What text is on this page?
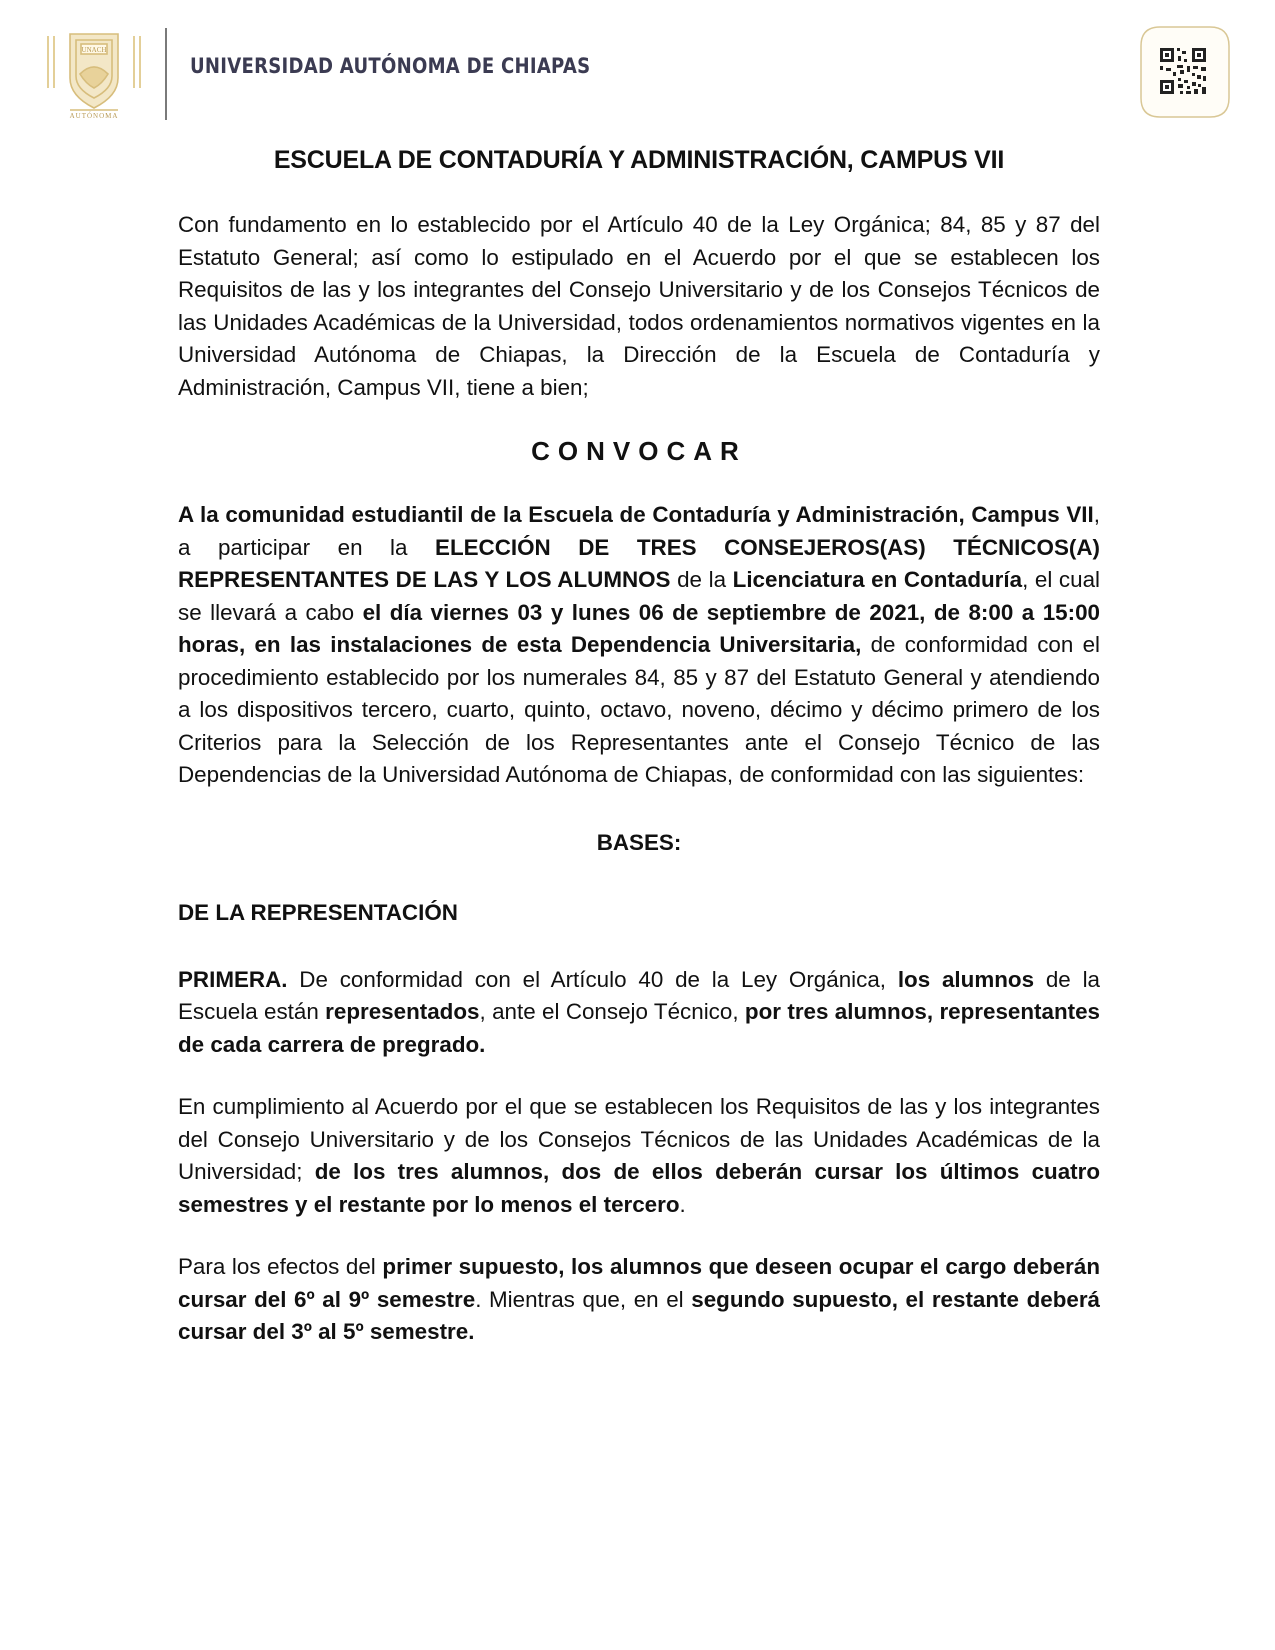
UNACH
AUTÓNOMA
UNIVERSIDAD AUTÓNOMA DE CHIAPAS
ESCUELA DE CONTADURÍA Y ADMINISTRACIÓN, CAMPUS VII

Con fundamento en lo establecido por el Artículo 40 de la Ley Orgánica; 84, 85 y 87 del Estatuto General; así como lo estipulado en el Acuerdo por el que se establecen los Requisitos de las y los integrantes del Consejo Universitario y de los Consejos Técnicos de las Unidades Académicas de la Universidad, todos ordenamientos normativos vigentes en la Universidad Autónoma de Chiapas, la Dirección de la Escuela de Contaduría y Administración, Campus VII, tiene a bien;

CONVOCAR

A la comunidad estudiantil de la Escuela de Contaduría y Administración, Campus VII, a participar en la ELECCIÓN DE TRES CONSEJEROS(AS) TÉCNICOS(A) REPRESENTANTES DE LAS Y LOS ALUMNOS de la Licenciatura en Contaduría, el cual se llevará a cabo el día viernes 03 y lunes 06 de septiembre de 2021, de 8:00 a 15:00 horas, en las instalaciones de esta Dependencia Universitaria, de conformidad con el procedimiento establecido por los numerales 84, 85 y 87 del Estatuto General y atendiendo a los dispositivos tercero, cuarto, quinto, octavo, noveno, décimo y décimo primero de los Criterios para la Selección de los Representantes ante el Consejo Técnico de las Dependencias de la Universidad Autónoma de Chiapas, de conformidad con las siguientes:

BASES:
DE LA REPRESENTACIÓN

PRIMERA. De conformidad con el Artículo 40 de la Ley Orgánica, los alumnos de la Escuela están representados, ante el Consejo Técnico, por tres alumnos, representantes de cada carrera de pregrado.

En cumplimiento al Acuerdo por el que se establecen los Requisitos de las y los integrantes del Consejo Universitario y de los Consejos Técnicos de las Unidades Académicas de la Universidad; de los tres alumnos, dos de ellos deberán cursar los últimos cuatro semestres y el restante por lo menos el tercero.

Para los efectos del primer supuesto, los alumnos que deseen ocupar el cargo deberán cursar del 6º al 9º semestre. Mientras que, en el segundo supuesto, el restante deberá cursar del 3º al 5º semestre.
